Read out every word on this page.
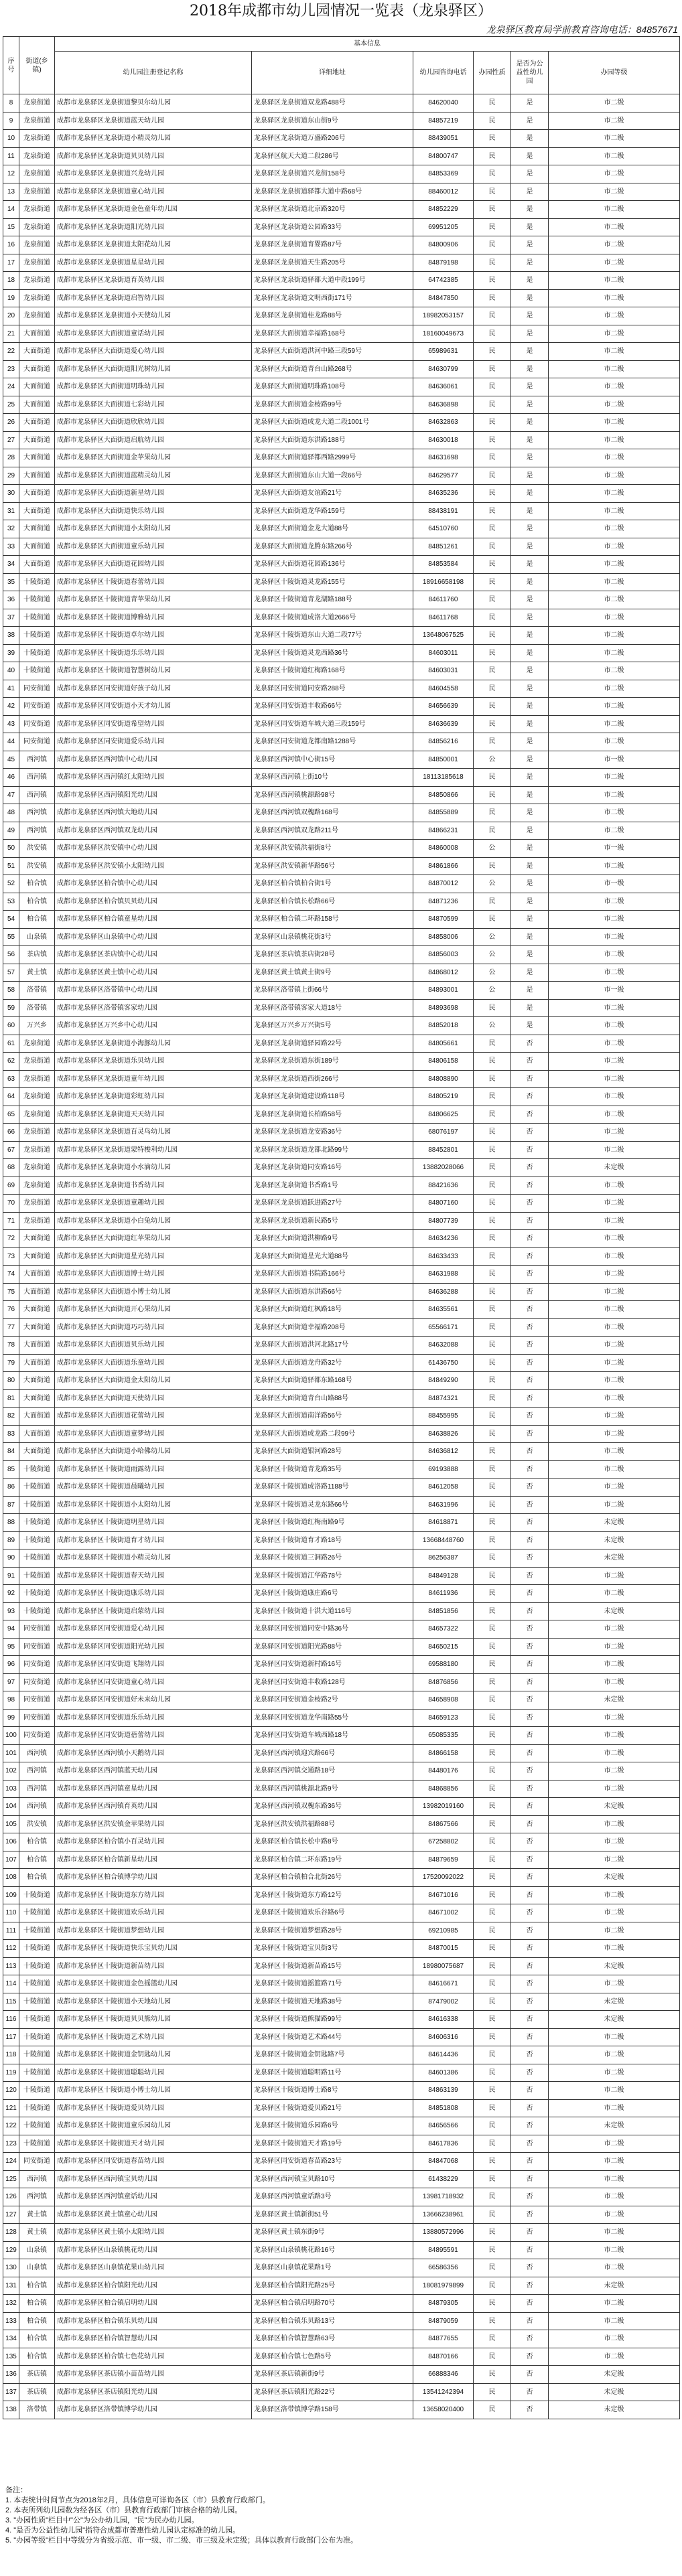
2018年成都市幼儿园情况一览表（龙泉驿区）
龙泉驿区教育局学前教育咨询电话：84857671
序号	街道(乡镇)	基本信息					
		幼儿园注册登记名称	详细地址	幼儿园咨询电话	办园性质	是否为公益性幼儿园	办园等级
8	龙泉街道	成都市龙泉驿区龙泉街道黎贝尔幼儿园	龙泉驿区龙泉街道双龙路488号	84620040	民	是	市二级
9	龙泉街道	成都市龙泉驿区龙泉街道蓝天幼儿园	龙泉驿区龙泉街道东山街9号	84857219	民	是	市二级
10	龙泉街道	成都市龙泉驿区龙泉街道小精灵幼儿园	龙泉驿区龙泉街道万盛路206号	88439051	民	是	市二级
11	龙泉街道	成都市龙泉驿区龙泉街道贝贝幼儿园	龙泉驿区航天大道二段286号	84800747	民	是	市二级
12	龙泉街道	成都市龙泉驿区龙泉街道兴龙幼儿园	龙泉驿区龙泉街道兴龙街158号	84853369	民	是	市二级
13	龙泉街道	成都市龙泉驿区龙泉街道童心幼儿园	龙泉驿区龙泉街道驿都大道中路68号	88460012	民	是	市二级
14	龙泉街道	成都市龙泉驿区龙泉街道金色童年幼儿园	龙泉驿区龙泉街道北京路320号	84852229	民	是	市二级
15	龙泉街道	成都市龙泉驿区龙泉街道阳光幼儿园	龙泉驿区龙泉街道公园路33号	69951205	民	是	市二级
16	龙泉街道	成都市龙泉驿区龙泉街道太阳花幼儿园	龙泉驿区龙泉街道育婴路87号	84800906	民	是	市二级
17	龙泉街道	成都市龙泉驿区龙泉街道星星幼儿园	龙泉驿区龙泉街道天生路205号	84879198	民	是	市二级
18	龙泉街道	成都市龙泉驿区龙泉街道育英幼儿园	龙泉驿区龙泉街道驿都大道中段199号	64742385	民	是	市二级
19	龙泉街道	成都市龙泉驿区龙泉街道启智幼儿园	龙泉驿区龙泉街道文明西街171号	84847850	民	是	市二级
20	龙泉街道	成都市龙泉驿区龙泉街道小天使幼儿园	龙泉驿区龙泉街道桂龙路88号	18982053157	民	是	市二级
21	大面街道	成都市龙泉驿区大面街道童话幼儿园	龙泉驿区大面街道幸福路168号	18160049673	民	是	市二级
22	大面街道	成都市龙泉驿区大面街道爱心幼儿园	龙泉驿区大面街道洪河中路三段59号	65989631	民	是	市二级
23	大面街道	成都市龙泉驿区大面街道阳光树幼儿园	龙泉驿区大面街道青台山路268号	84630799	民	是	市二级
24	大面街道	成都市龙泉驿区大面街道明珠幼儿园	龙泉驿区大面街道明珠路108号	84636061	民	是	市二级
25	大面街道	成都市龙泉驿区大面街道七彩幼儿园	龙泉驿区大面街道金桉路99号	84636898	民	是	市二级
26	大面街道	成都市龙泉驿区大面街道欣欣幼儿园	龙泉驿区大面街道成龙大道二段1001号	84632863	民	是	市二级
27	大面街道	成都市龙泉驿区大面街道启航幼儿园	龙泉驿区大面街道东洪路188号	84630018	民	是	市二级
28	大面街道	成都市龙泉驿区大面街道金苹果幼儿园	龙泉驿区大面街道驿都西路2999号	84631698	民	是	市二级
29	大面街道	成都市龙泉驿区大面街道蓝精灵幼儿园	龙泉驿区大面街道东山大道一段66号	84629577	民	是	市二级
30	大面街道	成都市龙泉驿区大面街道新星幼儿园	龙泉驿区大面街道友谊路21号	84635236	民	是	市二级
31	大面街道	成都市龙泉驿区大面街道快乐幼儿园	龙泉驿区大面街道龙华路159号	88438191	民	是	市二级
32	大面街道	成都市龙泉驿区大面街道小太阳幼儿园	龙泉驿区大面街道金龙大道88号	64510760	民	是	市二级
33	大面街道	成都市龙泉驿区大面街道童乐幼儿园	龙泉驿区大面街道龙腾东路266号	84851261	民	是	市二级
34	大面街道	成都市龙泉驿区大面街道花园幼儿园	龙泉驿区大面街道花园路136号	84853584	民	是	市二级
35	十陵街道	成都市龙泉驿区十陵街道春蕾幼儿园	龙泉驿区十陵街道灵龙路155号	18916658198	民	是	市二级
36	十陵街道	成都市龙泉驿区十陵街道青苹果幼儿园	龙泉驿区十陵街道青龙湖路188号	84611760	民	是	市二级
37	十陵街道	成都市龙泉驿区十陵街道博雅幼儿园	龙泉驿区十陵街道成洛大道2666号	84611768	民	是	市二级
38	十陵街道	成都市龙泉驿区十陵街道卓尔幼儿园	龙泉驿区十陵街道东山大道二段77号	13648067525	民	是	市二级
39	十陵街道	成都市龙泉驿区十陵街道乐乐幼儿园	龙泉驿区十陵街道灵龙西路36号	84603011	民	是	市二级
40	十陵街道	成都市龙泉驿区十陵街道智慧树幼儿园	龙泉驿区十陵街道红梅路168号	84603031	民	是	市二级
41	同安街道	成都市龙泉驿区同安街道好孩子幼儿园	龙泉驿区同安街道同安路288号	84604558	民	是	市二级
42	同安街道	成都市龙泉驿区同安街道小天才幼儿园	龙泉驿区同安街道丰收路66号	84656639	民	是	市二级
43	同安街道	成都市龙泉驿区同安街道希望幼儿园	龙泉驿区同安街道车城大道三段159号	84636639	民	是	市二级
44	同安街道	成都市龙泉驿区同安街道爱乐幼儿园	龙泉驿区同安街道龙都南路1288号	84856216	民	是	市二级
45	西河镇	成都市龙泉驿区西河镇中心幼儿园	龙泉驿区西河镇中心街15号	84850001	公	是	市一级
46	西河镇	成都市龙泉驿区西河镇红太阳幼儿园	龙泉驿区西河镇上街10号	18113185618	民	是	市二级
47	西河镇	成都市龙泉驿区西河镇阳光幼儿园	龙泉驿区西河镇桃源路98号	84850866	民	是	市二级
48	西河镇	成都市龙泉驿区西河镇大地幼儿园	龙泉驿区西河镇双槐路168号	84855889	民	是	市二级
49	西河镇	成都市龙泉驿区西河镇双龙幼儿园	龙泉驿区西河镇双龙路211号	84866231	民	是	市二级
50	洪安镇	成都市龙泉驿区洪安镇中心幼儿园	龙泉驿区洪安镇洪福街8号	84860008	公	是	市一级
51	洪安镇	成都市龙泉驿区洪安镇小太阳幼儿园	龙泉驿区洪安镇新华路56号	84861866	民	是	市二级
52	柏合镇	成都市龙泉驿区柏合镇中心幼儿园	龙泉驿区柏合镇柏合街1号	84870012	公	是	市一级
53	柏合镇	成都市龙泉驿区柏合镇贝贝幼儿园	龙泉驿区柏合镇长松路66号	84871236	民	是	市二级
54	柏合镇	成都市龙泉驿区柏合镇童星幼儿园	龙泉驿区柏合镇二环路158号	84870599	民	是	市二级
55	山泉镇	成都市龙泉驿区山泉镇中心幼儿园	龙泉驿区山泉镇桃花街3号	84858006	公	是	市二级
56	茶店镇	成都市龙泉驿区茶店镇中心幼儿园	龙泉驿区茶店镇茶店街28号	84856003	公	是	市二级
57	黄土镇	成都市龙泉驿区黄土镇中心幼儿园	龙泉驿区黄土镇黄土街9号	84868012	公	是	市二级
58	洛带镇	成都市龙泉驿区洛带镇中心幼儿园	龙泉驿区洛带镇上街66号	84893001	公	是	市一级
59	洛带镇	成都市龙泉驿区洛带镇客家幼儿园	龙泉驿区洛带镇客家大道18号	84893698	民	是	市二级
60	万兴乡	成都市龙泉驿区万兴乡中心幼儿园	龙泉驿区万兴乡万兴街5号	84852018	公	是	市二级
61	龙泉街道	成都市龙泉驿区龙泉街道小海豚幼儿园	龙泉驿区龙泉街道驿园路22号	84805661	民	否	市二级
62	龙泉街道	成都市龙泉驿区龙泉街道乐贝幼儿园	龙泉驿区龙泉街道东街189号	84806158	民	否	市二级
63	龙泉街道	成都市龙泉驿区龙泉街道童年幼儿园	龙泉驿区龙泉街道西街266号	84808890	民	否	市二级
64	龙泉街道	成都市龙泉驿区龙泉街道彩虹幼儿园	龙泉驿区龙泉街道建设路118号	84805219	民	否	市二级
65	龙泉街道	成都市龙泉驿区龙泉街道天天幼儿园	龙泉驿区龙泉街道长柏路58号	84806625	民	否	市二级
66	龙泉街道	成都市龙泉驿区龙泉街道百灵鸟幼儿园	龙泉驿区龙泉街道龙安路36号	68076197	民	否	市二级
67	龙泉街道	成都市龙泉驿区龙泉街道蒙特梭利幼儿园	龙泉驿区龙泉街道龙都北路99号	88452801	民	否	市二级
68	龙泉街道	成都市龙泉驿区龙泉街道小水滴幼儿园	龙泉驿区龙泉街道同安路16号	13882028066	民	否	未定级
69	龙泉街道	成都市龙泉驿区龙泉街道书香幼儿园	龙泉驿区龙泉街道书香路1号	88421636	民	否	市二级
70	龙泉街道	成都市龙泉驿区龙泉街道童趣幼儿园	龙泉驿区龙泉街道跃进路27号	84807160	民	否	市二级
71	龙泉街道	成都市龙泉驿区龙泉街道小白兔幼儿园	龙泉驿区龙泉街道新民路5号	84807739	民	否	市二级
72	大面街道	成都市龙泉驿区大面街道红苹果幼儿园	龙泉驿区大面街道洪柳路9号	84634236	民	否	市二级
73	大面街道	成都市龙泉驿区大面街道星光幼儿园	龙泉驿区大面街道星光大道88号	84633433	民	否	市二级
74	大面街道	成都市龙泉驿区大面街道博士幼儿园	龙泉驿区大面街道书院路166号	84631988	民	否	市二级
75	大面街道	成都市龙泉驿区大面街道小博士幼儿园	龙泉驿区大面街道东洪路66号	84636288	民	否	市二级
76	大面街道	成都市龙泉驿区大面街道开心果幼儿园	龙泉驿区大面街道红枫路18号	84635561	民	否	市二级
77	大面街道	成都市龙泉驿区大面街道巧巧幼儿园	龙泉驿区大面街道幸福路208号	65566171	民	否	市二级
78	大面街道	成都市龙泉驿区大面街道贝乐幼儿园	龙泉驿区大面街道洪河北路17号	84632088	民	否	市二级
79	大面街道	成都市龙泉驿区大面街道乐童幼儿园	龙泉驿区大面街道龙舟路32号	61436750	民	否	市二级
80	大面街道	成都市龙泉驿区大面街道金太阳幼儿园	龙泉驿区大面街道驿都东路168号	84849290	民	否	市二级
81	大面街道	成都市龙泉驿区大面街道天使幼儿园	龙泉驿区大面街道青台山路88号	84874321	民	否	市二级
82	大面街道	成都市龙泉驿区大面街道花蕾幼儿园	龙泉驿区大面街道南洋路56号	88455995	民	否	市二级
83	大面街道	成都市龙泉驿区大面街道童梦幼儿园	龙泉驿区大面街道成龙路二段99号	84638826	民	否	市二级
84	大面街道	成都市龙泉驿区大面街道小哈佛幼儿园	龙泉驿区大面街道银河路28号	84636812	民	否	市二级
85	十陵街道	成都市龙泉驿区十陵街道雨露幼儿园	龙泉驿区十陵街道青龙路35号	69193888	民	否	市二级
86	十陵街道	成都市龙泉驿区十陵街道晨曦幼儿园	龙泉驿区十陵街道成洛路1188号	84612058	民	否	市二级
87	十陵街道	成都市龙泉驿区十陵街道小太阳幼儿园	龙泉驿区十陵街道灵龙东路66号	84631996	民	否	市二级
88	十陵街道	成都市龙泉驿区十陵街道明星幼儿园	龙泉驿区十陵街道红梅南路9号	84618871	民	否	未定级
89	十陵街道	成都市龙泉驿区十陵街道育才幼儿园	龙泉驿区十陵街道育才路18号	13668448760	民	否	未定级
90	十陵街道	成都市龙泉驿区十陵街道小精灵幼儿园	龙泉驿区十陵街道三洞路26号	86256387	民	否	未定级
91	十陵街道	成都市龙泉驿区十陵街道春天幼儿园	龙泉驿区十陵街道江华路78号	84849128	民	否	市二级
92	十陵街道	成都市龙泉驿区十陵街道康乐幼儿园	龙泉驿区十陵街道康庄路6号	84611936	民	否	市二级
93	十陵街道	成都市龙泉驿区十陵街道启蒙幼儿园	龙泉驿区十陵街道十洪大道116号	84851856	民	否	未定级
94	同安街道	成都市龙泉驿区同安街道爱心幼儿园	龙泉驿区同安街道同安中路36号	84657322	民	否	市二级
95	同安街道	成都市龙泉驿区同安街道阳光幼儿园	龙泉驿区同安街道阳光路88号	84650215	民	否	市二级
96	同安街道	成都市龙泉驿区同安街道飞翔幼儿园	龙泉驿区同安街道新村路16号	69588180	民	否	市二级
97	同安街道	成都市龙泉驿区同安街道童心幼儿园	龙泉驿区同安街道丰收路128号	84876856	民	否	市二级
98	同安街道	成都市龙泉驿区同安街道好未来幼儿园	龙泉驿区同安街道金桉路2号	84658908	民	否	未定级
99	同安街道	成都市龙泉驿区同安街道乐乐幼儿园	龙泉驿区同安街道龙华南路55号	84659123	民	否	市二级
100	同安街道	成都市龙泉驿区同安街道蓓蕾幼儿园	龙泉驿区同安街道车城西路18号	65085335	民	否	市二级
101	西河镇	成都市龙泉驿区西河镇小天鹅幼儿园	龙泉驿区西河镇迎宾路66号	84866158	民	否	市二级
102	西河镇	成都市龙泉驿区西河镇蓝天幼儿园	龙泉驿区西河镇交通路18号	84480176	民	否	市二级
103	西河镇	成都市龙泉驿区西河镇童星幼儿园	龙泉驿区西河镇桃源北路9号	84868856	民	否	市二级
104	西河镇	成都市龙泉驿区西河镇育英幼儿园	龙泉驿区西河镇双槐东路36号	13982019160	民	否	未定级
105	洪安镇	成都市龙泉驿区洪安镇金苹果幼儿园	龙泉驿区洪安镇洪福路88号	84867566	民	否	市二级
106	柏合镇	成都市龙泉驿区柏合镇小百灵幼儿园	龙泉驿区柏合镇长松中路8号	67258802	民	否	市二级
107	柏合镇	成都市龙泉驿区柏合镇新星幼儿园	龙泉驿区柏合镇二环东路19号	84879659	民	否	市二级
108	柏合镇	成都市龙泉驿区柏合镇博学幼儿园	龙泉驿区柏合镇柏合北街26号	17520092022	民	否	未定级
109	十陵街道	成都市龙泉驿区十陵街道东方幼儿园	龙泉驿区十陵街道东方路12号	84671016	民	否	市二级
110	十陵街道	成都市龙泉驿区十陵街道欢乐幼儿园	龙泉驿区十陵街道欢乐谷路6号	84671002	民	否	市二级
111	十陵街道	成都市龙泉驿区十陵街道梦想幼儿园	龙泉驿区十陵街道梦想路28号	69210985	民	否	市二级
112	十陵街道	成都市龙泉驿区十陵街道快乐宝贝幼儿园	龙泉驿区十陵街道宝贝街3号	84870015	民	否	市二级
113	十陵街道	成都市龙泉驿区十陵街道新苗幼儿园	龙泉驿区十陵街道新苗路15号	18980075687	民	否	未定级
114	十陵街道	成都市龙泉驿区十陵街道金色摇篮幼儿园	龙泉驿区十陵街道摇篮路71号	84616671	民	否	市二级
115	十陵街道	成都市龙泉驿区十陵街道小天地幼儿园	龙泉驿区十陵街道天地路38号	87479002	民	否	未定级
116	十陵街道	成都市龙泉驿区十陵街道贝贝熊幼儿园	龙泉驿区十陵街道熊猫路99号	84616338	民	否	未定级
117	十陵街道	成都市龙泉驿区十陵街道艺术幼儿园	龙泉驿区十陵街道艺术路44号	84606316	民	否	市二级
118	十陵街道	成都市龙泉驿区十陵街道金钥匙幼儿园	龙泉驿区十陵街道金钥匙路7号	84614436	民	否	市二级
119	十陵街道	成都市龙泉驿区十陵街道聪聪幼儿园	龙泉驿区十陵街道聪明路11号	84601386	民	否	市二级
120	十陵街道	成都市龙泉驿区十陵街道小博士幼儿园	龙泉驿区十陵街道博士路8号	84863139	民	否	市二级
121	十陵街道	成都市龙泉驿区十陵街道爱贝幼儿园	龙泉驿区十陵街道爱贝路21号	84851808	民	否	市二级
122	十陵街道	成都市龙泉驿区十陵街道童乐园幼儿园	龙泉驿区十陵街道乐园路6号	84656566	民	否	未定级
123	十陵街道	成都市龙泉驿区十陵街道天才幼儿园	龙泉驿区十陵街道天才路19号	84617836	民	否	市二级
124	同安街道	成都市龙泉驿区同安街道春苗幼儿园	龙泉驿区同安街道春苗路23号	84847068	民	否	市二级
125	西河镇	成都市龙泉驿区西河镇宝贝幼儿园	龙泉驿区西河镇宝贝路10号	61438229	民	否	市二级
126	西河镇	成都市龙泉驿区西河镇童话幼儿园	龙泉驿区西河镇童话路3号	13981718932	民	否	市二级
127	黄土镇	成都市龙泉驿区黄土镇童心幼儿园	龙泉驿区黄土镇新街51号	13666238961	民	否	市二级
128	黄土镇	成都市龙泉驿区黄土镇小太阳幼儿园	龙泉驿区黄土镇东街9号	13880572996	民	否	市二级
129	山泉镇	成都市龙泉驿区山泉镇桃花幼儿园	龙泉驿区山泉镇桃花路16号	84895591	民	否	市二级
130	山泉镇	成都市龙泉驿区山泉镇花果山幼儿园	龙泉驿区山泉镇花果路1号	66586356	民	否	市二级
131	柏合镇	成都市龙泉驿区柏合镇阳光幼儿园	龙泉驿区柏合镇阳光路25号	18081979899	民	否	未定级
132	柏合镇	成都市龙泉驿区柏合镇启明幼儿园	龙泉驿区柏合镇启明路70号	84879305	民	否	市二级
133	柏合镇	成都市龙泉驿区柏合镇乐贝幼儿园	龙泉驿区柏合镇乐贝路13号	84879059	民	否	市二级
134	柏合镇	成都市龙泉驿区柏合镇智慧幼儿园	龙泉驿区柏合镇智慧路63号	84877655	民	否	市二级
135	柏合镇	成都市龙泉驿区柏合镇七色花幼儿园	龙泉驿区柏合镇七色路5号	84870166	民	否	市二级
136	茶店镇	成都市龙泉驿区茶店镇小苗苗幼儿园	龙泉驿区茶店镇新街9号	66888346	民	否	未定级
137	茶店镇	成都市龙泉驿区茶店镇阳光幼儿园	龙泉驿区茶店镇阳光路22号	13541242394	民	否	未定级
138	洛带镇	成都市龙泉驿区洛带镇博学幼儿园	龙泉驿区洛带镇博学路158号	13658020400	民	否	未定级
备注：
1. 本表统计时间节点为2018年2月，具体信息可详询各区（市）县教育行政部门。
2. 本表所列幼儿园数为经各区（市）县教育行政部门审核合格的幼儿园。
3. "办园性质"栏目中"公"为公办幼儿园，"民"为民办幼儿园。
4. "是否为公益性幼儿园"指符合成都市普惠性幼儿园认定标准的幼儿园。
5. "办园等级"栏目中等级分为省级示范、市一级、市二级、市三级及未定级；具体以教育行政部门公布为准。
